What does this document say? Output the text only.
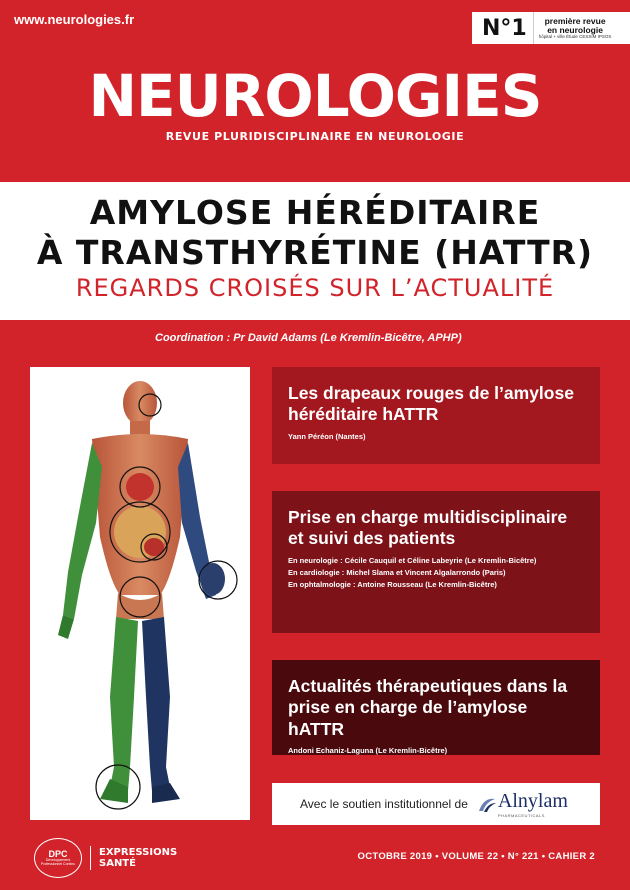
www.neurologies.fr	N°1	première revue
en neurologie
hôpital + ville Étude CESSIM IPSOS
NEUROLOGIES
REVUE PLURIDISCIPLINAIRE EN NEUROLOGIE
AMYLOSE HÉRÉDITAIRE
À TRANSTHYRÉTINE (HATTR)
REGARDS CROISÉS SUR L’ACTUALITÉ
Coordination : Pr David Adams (Le Kremlin-Bicêtre, APHP)
Les drapeaux rouges de l’amylose héréditaire hATTR
Yann Péréon (Nantes)
Prise en charge multidisciplinaire et suivi des patients
En neurologie : Cécile Cauquil et Céline Labeyrie (Le Kremlin-Bicêtre)
En cardiologie : Michel Slama et Vincent Algalarrondo (Paris)
En ophtalmologie : Antoine Rousseau (Le Kremlin-Bicêtre)
Actualités thérapeutiques dans la prise en charge de l’amylose hATTR
Andoni Echaniz-Laguna (Le Kremlin-Bicêtre)
Avec le soutien institutionnel de Alnylam
PHARMACEUTICALS
DPC
Développement Professionnel Continu
EXPRESSIONS
SANTÉ
OCTOBRE 2019 • VOLUME 22 • N° 221 • CAHIER 2
